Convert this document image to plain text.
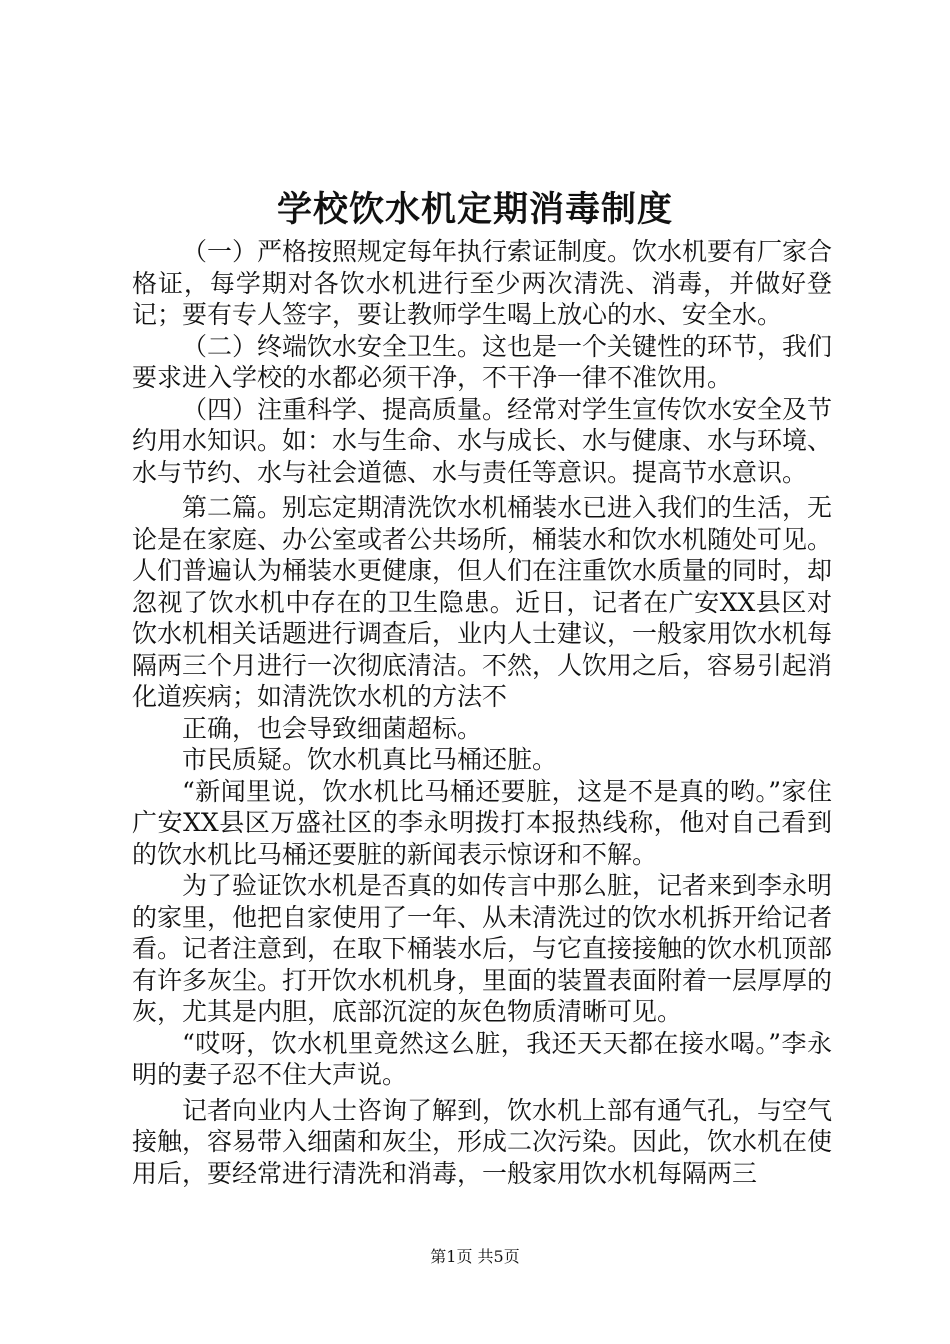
学校饮水机定期消毒制度

（一）严格按照规定每年执行索证制度。饮水机要有厂家合格证，每学期对各饮水机进行至少两次清洗、消毒，并做好登记；要有专人签字，要让教师学生喝上放心的水、安全水。

（二）终端饮水安全卫生。这也是一个关键性的环节，我们要求进入学校的水都必须干净，不干净一律不准饮用。

（四）注重科学、提高质量。经常对学生宣传饮水安全及节约用水知识。如：水与生命、水与成长、水与健康、水与环境、水与节约、水与社会道德、水与责任等意识。提高节水意识。

第二篇。别忘定期清洗饮水机桶装水已进入我们的生活，无论是在家庭、办公室或者公共场所，桶装水和饮水机随处可见。人们普遍认为桶装水更健康，但人们在注重饮水质量的同时，却忽视了饮水机中存在的卫生隐患。近日，记者在广安XX县区对饮水机相关话题进行调查后，业内人士建议，一般家用饮水机每隔两三个月进行一次彻底清洁。不然，人饮用之后，容易引起消化道疾病；如清洗饮水机的方法不

正确，也会导致细菌超标。

市民质疑。饮水机真比马桶还脏。

“新闻里说，饮水机比马桶还要脏，这是不是真的哟。”家住广安XX县区万盛社区的李永明拨打本报热线称，他对自己看到的饮水机比马桶还要脏的新闻表示惊讶和不解。

为了验证饮水机是否真的如传言中那么脏，记者来到李永明的家里，他把自家使用了一年、从未清洗过的饮水机拆开给记者看。记者注意到，在取下桶装水后，与它直接接触的饮水机顶部有许多灰尘。打开饮水机机身，里面的装置表面附着一层厚厚的灰，尤其是内胆，底部沉淀的灰色物质清晰可见。

“哎呀，饮水机里竟然这么脏，我还天天都在接水喝。”李永明的妻子忍不住大声说。

记者向业内人士咨询了解到，饮水机上部有通气孔，与空气接触，容易带入细菌和灰尘，形成二次污染。因此，饮水机在使用后，要经常进行清洗和消毒，一般家用饮水机每隔两三

第1页 共5页
